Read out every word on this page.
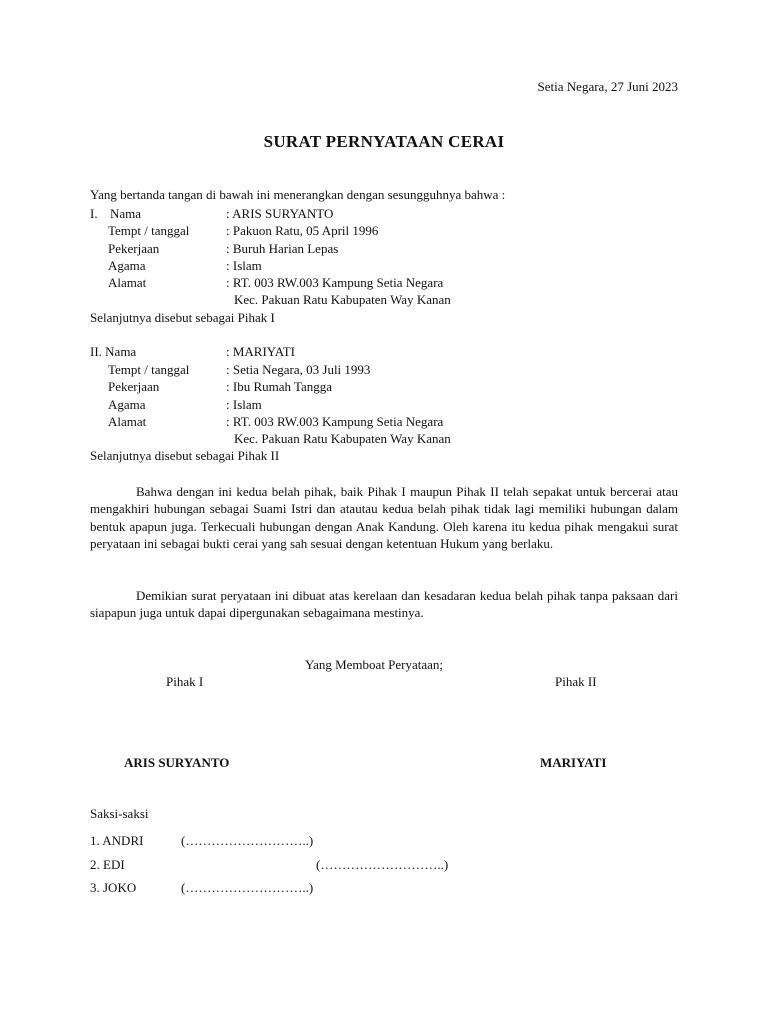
Setia Negara, 27 Juni 2023
SURAT PERNYATAAN CERAI
Yang bertanda tangan di bawah ini menerangkan dengan sesungguhnya bahwa :
I. Nama	: ARIS SURYANTO
Tempt / tanggal	: Pakuon Ratu, 05 April 1996
Pekerjaan	: Buruh Harian Lepas
Agama	: Islam
Alamat	: RT. 003 RW.003 Kampung Setia Negara
Kec. Pakuan Ratu Kabupaten Way Kanan
Selanjutnya disebut sebagai Pihak I
II. Nama	: MARIYATI
Tempt / tanggal	: Setia Negara, 03 Juli 1993
Pekerjaan	: Ibu Rumah Tangga
Agama	: Islam
Alamat	: RT. 003 RW.003 Kampung Setia Negara
Kec. Pakuan Ratu Kabupaten Way Kanan
Selanjutnya disebut sebagai Pihak II

Bahwa dengan ini kedua belah pihak, baik Pihak I maupun Pihak II telah sepakat untuk bercerai atau mengakhiri hubungan sebagai Suami Istri dan atautau kedua belah pihak tidak lagi memiliki hubungan dalam bentuk apapun juga. Terkecuali hubungan dengan Anak Kandung. Oleh karena itu kedua pihak mengakui surat peryataan ini sebagai bukti cerai yang sah sesuai dengan ketentuan Hukum yang berlaku.

Demikian surat peryataan ini dibuat atas kerelaan dan kesadaran kedua belah pihak tanpa paksaan dari siapapun juga untuk dapai dipergunakan sebagaimana mestinya.

Yang Memboat Peryataan;
Pihak I	Pihak II
ARIS SURYANTO	MARIYATI
Saksi-saksi
1. ANDRI	(………………………..)
2. EDI	(………………………..)
3. JOKO	(………………………..)
